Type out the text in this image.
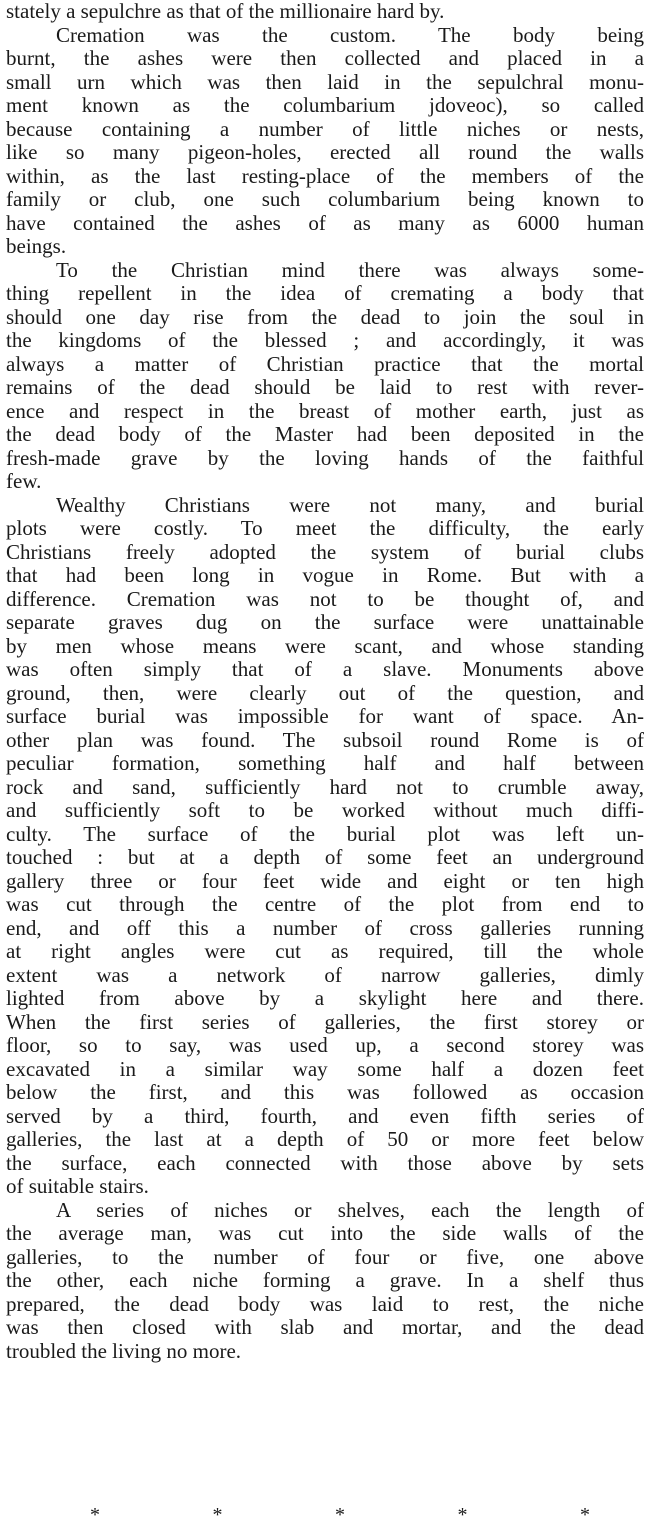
stately a sepulchre as that of the millionaire hard by.

Cremation was the custom. The body being
burnt, the ashes were then collected and placed in a
small urn which was then laid in the sepulchral monu-
ment known as the columbarium jdoveoc), so called
because containing a number of little niches or nests,
like so many pigeon-holes, erected all round the walls
within, as the last resting-place of the members of the
family or club, one such columbarium being known to
have contained the ashes of as many as 6000 human
beings.

To the Christian mind there was always some-
thing repellent in the idea of cremating a body that
should one day rise from the dead to join the soul in
the kingdoms of the blessed ; and accordingly, it was
always a matter of Christian practice that the mortal
remains of the dead should be laid to rest with rever-
ence and respect in the breast of mother earth, just as
the dead body of the Master had been deposited in the
fresh-made grave by the loving hands of the faithful
few.

Wealthy Christians were not many, and burial
plots were costly. To meet the difficulty, the early
Christians freely adopted the system of burial clubs
that had been long in vogue in Rome. But with a
difference. Cremation was not to be thought of, and
separate graves dug on the surface were unattainable
by men whose means were scant, and whose standing
was often simply that of a slave. Monuments above
ground, then, were clearly out of the question, and
surface burial was impossible for want of space. An-
other plan was found. The subsoil round Rome is of
peculiar formation, something half and half between
rock and sand, sufficiently hard not to crumble away,
and sufficiently soft to be worked without much diffi-
culty. The surface of the burial plot was left un-
touched : but at a depth of some feet an underground
gallery three or four feet wide and eight or ten high
was cut through the centre of the plot from end to
end, and off this a number of cross galleries running
at right angles were cut as required, till the whole
extent was a network of narrow galleries, dimly
lighted from above by a skylight here and there.
When the first series of galleries, the first storey or
floor, so to say, was used up, a second storey was
excavated in a similar way some half a dozen feet
below the first, and this was followed as occasion
served by a third, fourth, and even fifth series of
galleries, the last at a depth of 50 or more feet below
the surface, each connected with those above by sets
of suitable stairs.

A series of niches or shelves, each the length of
the average man, was cut into the side walls of the
galleries, to the number of four or five, one above
the other, each niche forming a grave. In a shelf thus
prepared, the dead body was laid to rest, the niche
was then closed with slab and mortar, and the dead
troubled the living no more.

*	*	*	*	*
